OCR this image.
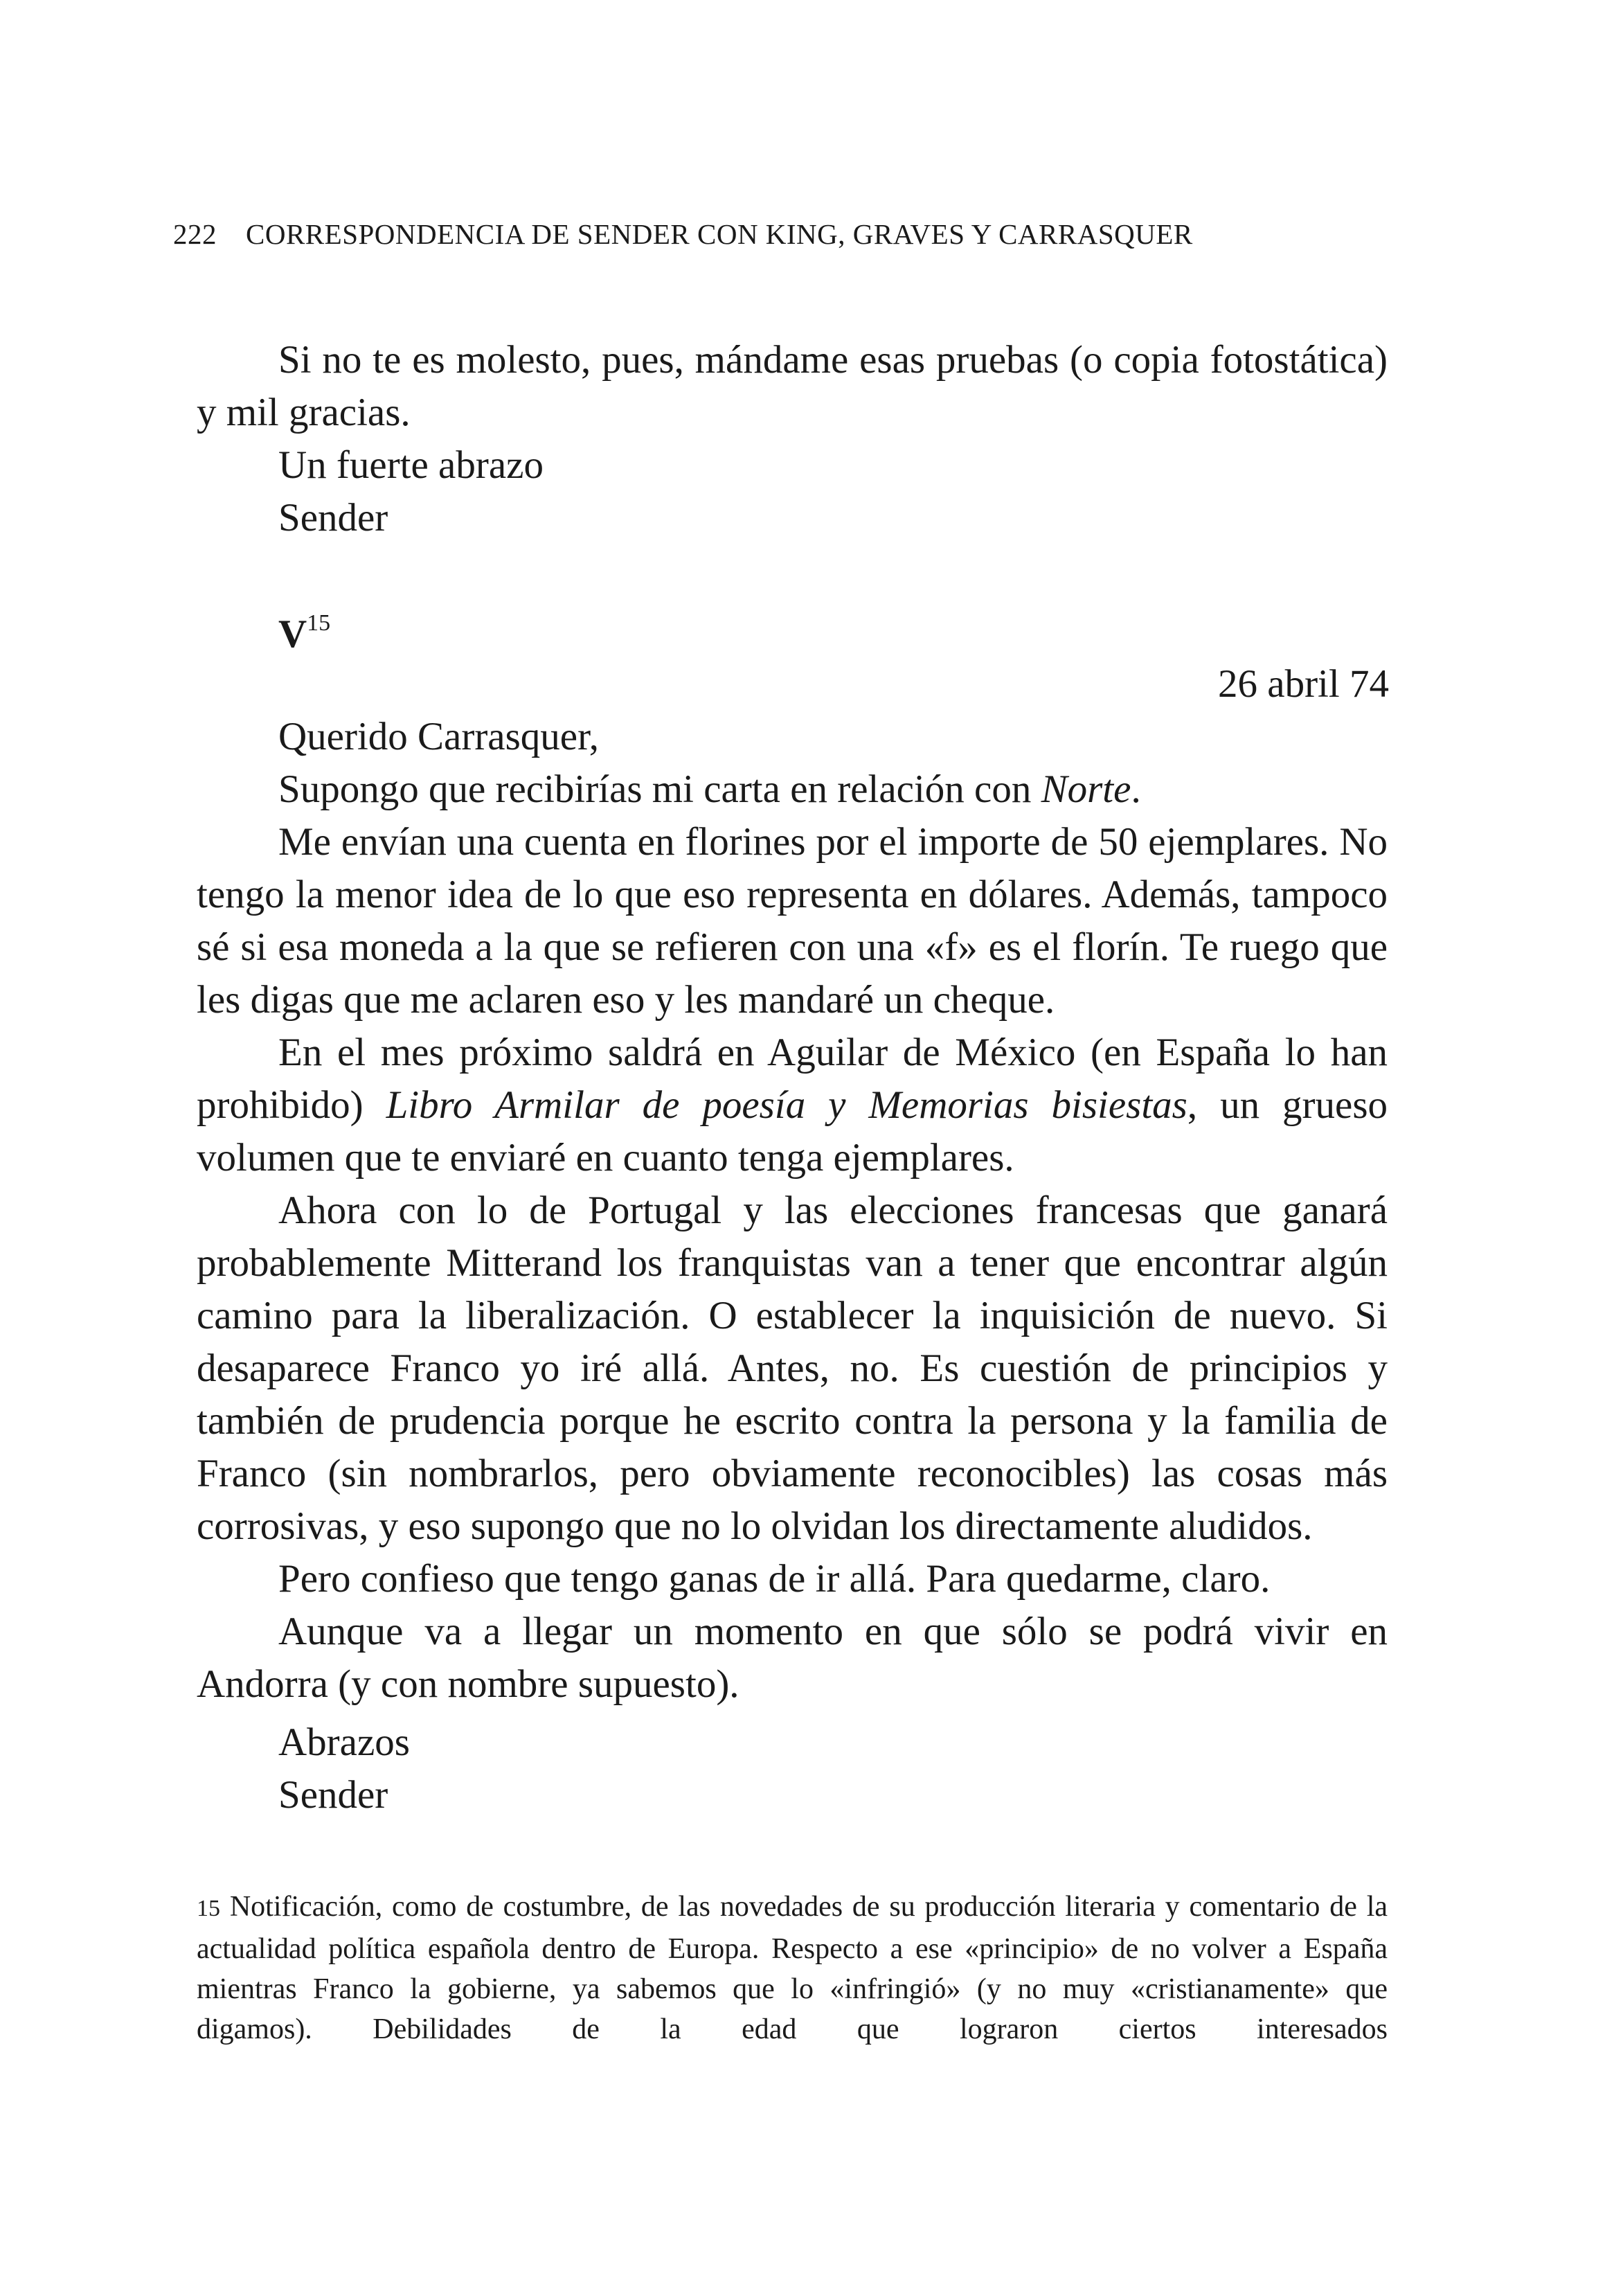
222 CORRESPONDENCIA DE SENDER CON KING, GRAVES Y CARRASQUER

Si no te es molesto, pues, mándame esas pruebas (o copia fotostática) y mil gracias.

Un fuerte abrazo
Sender
$V^{15}$
26 abril 74
Querido Carrasquer,

Supongo que recibirías mi carta en relación con Norte.

Me envían una cuenta en florines por el importe de 50 ejemplares. No tengo la menor idea de lo que eso representa en dólares. Además, tampoco sé si esa moneda a la que se refieren con una «f» es el florín. Te ruego que les digas que me aclaren eso y les mandaré un cheque.

En el mes próximo saldrá en Aguilar de México (en España lo han prohibido) Libro Armilar de poesía y Memorias bisiestas, un grueso volumen que te enviaré en cuanto tenga ejemplares.

Ahora con lo de Portugal y las elecciones francesas que ganará probablemente Mitterand los franquistas van a tener que encontrar algún camino para la liberalización. O establecer la inquisición de nuevo. Si desaparece Franco yo iré allá. Antes, no. Es cuestión de principios y también de prudencia porque he escrito contra la persona y la familia de Franco (sin nombrarlos, pero obviamente reconocibles) las cosas más corrosivas, y eso supongo que no lo olvidan los directamente aludidos.

Pero confieso que tengo ganas de ir allá. Para quedarme, claro.

Aunque va a llegar un momento en que sólo se podrá vivir en Andorra (y con nombre supuesto).

Abrazos
Sender
15 Notificación, como de costumbre, de las novedades de su producción literaria y comentario de la actualidad política española dentro de Europa. Respecto a ese «principio» de no volver a España mientras Franco la gobierne, ya sabemos que lo «infringió» (y no muy «cristianamente» que digamos). Debilidades de la edad que lograron ciertos interesados
